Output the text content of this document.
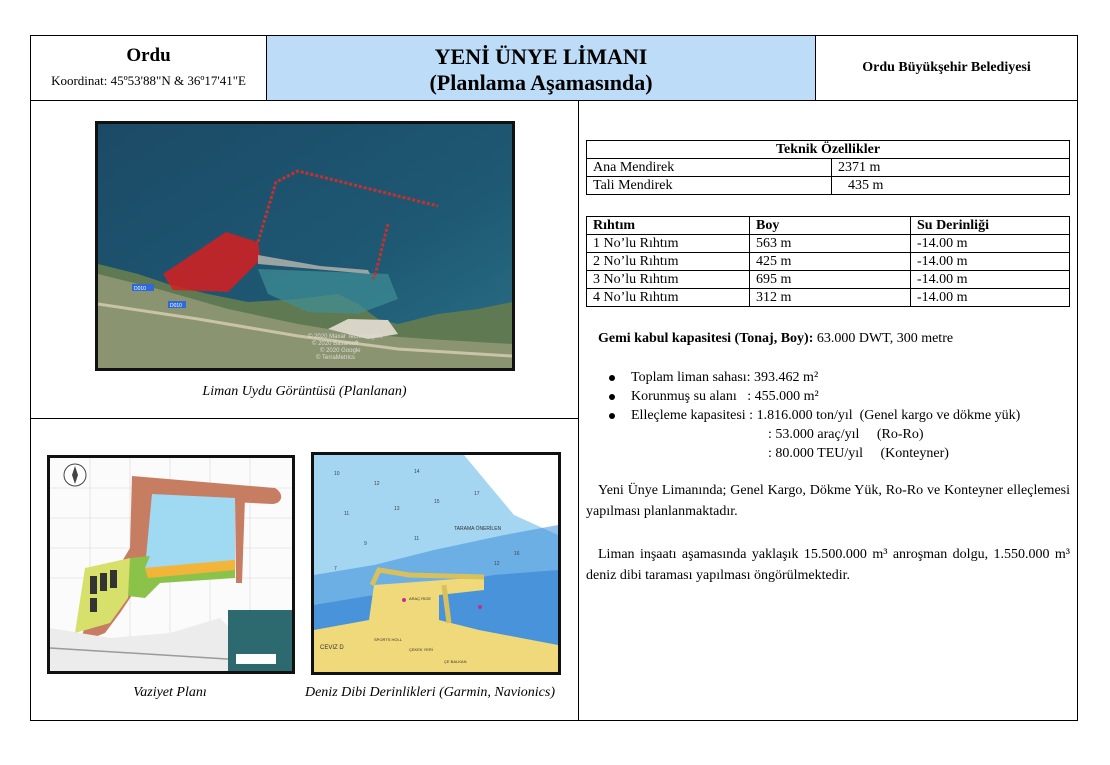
Ordu
Koordinat: 45º53'88"N & 36º17'41"E
YENİ ÜNYE LİMANI
(Planlama Aşamasında)
Ordu Büyükşehir Belediyesi
D010
D010
© 2020 Maxar Technologies
© 2020 Basarsoft
© 2020 Google
© TerraMetrics
Liman Uydu Görüntüsü (Planlanan)
Vaziyet Planı
10
12
14
11
13
15
17
9
11
16
7
12
TARAMA ÖNERİLEN
CEVIZ D
ARAÇ RIGE
SPORTS HOLL
ÇEKEK YERİ
ÇE BALKAN
Deniz Dibi Derinlikleri (Garmin, Navionics)
Teknik Özellikler	
Ana Mendirek	2371 m
Tali Mendirek	435 m
Rıhtım	Boy	Su Derinliği
1 No’lu Rıhtım	563 m	-14.00 m
2 No’lu Rıhtım	425 m	-14.00 m
3 No’lu Rıhtım	695 m	-14.00 m
4 No’lu Rıhtım	312 m	-14.00 m
Gemi kabul kapasitesi (Tonaj, Boy): 63.000 DWT, 300 metre
Toplam liman sahası: 393.462 m²
Korunmuş su alanı   : 455.000 m²
Elleçleme kapasitesi : 1.816.000 ton/yıl  (Genel kargo ve dökme yük)
: 53.000 araç/yıl     (Ro-Ro)
: 80.000 TEU/yıl     (Konteyner)
Yeni Ünye Limanında; Genel Kargo, Dökme Yük, Ro-Ro ve Konteyner elleçlemesi yapılması planlanmaktadır.
Liman inşaatı aşamasında yaklaşık 15.500.000 m³ anroşman dolgu, 1.550.000 m³ deniz dibi taraması yapılması öngörülmektedir.
